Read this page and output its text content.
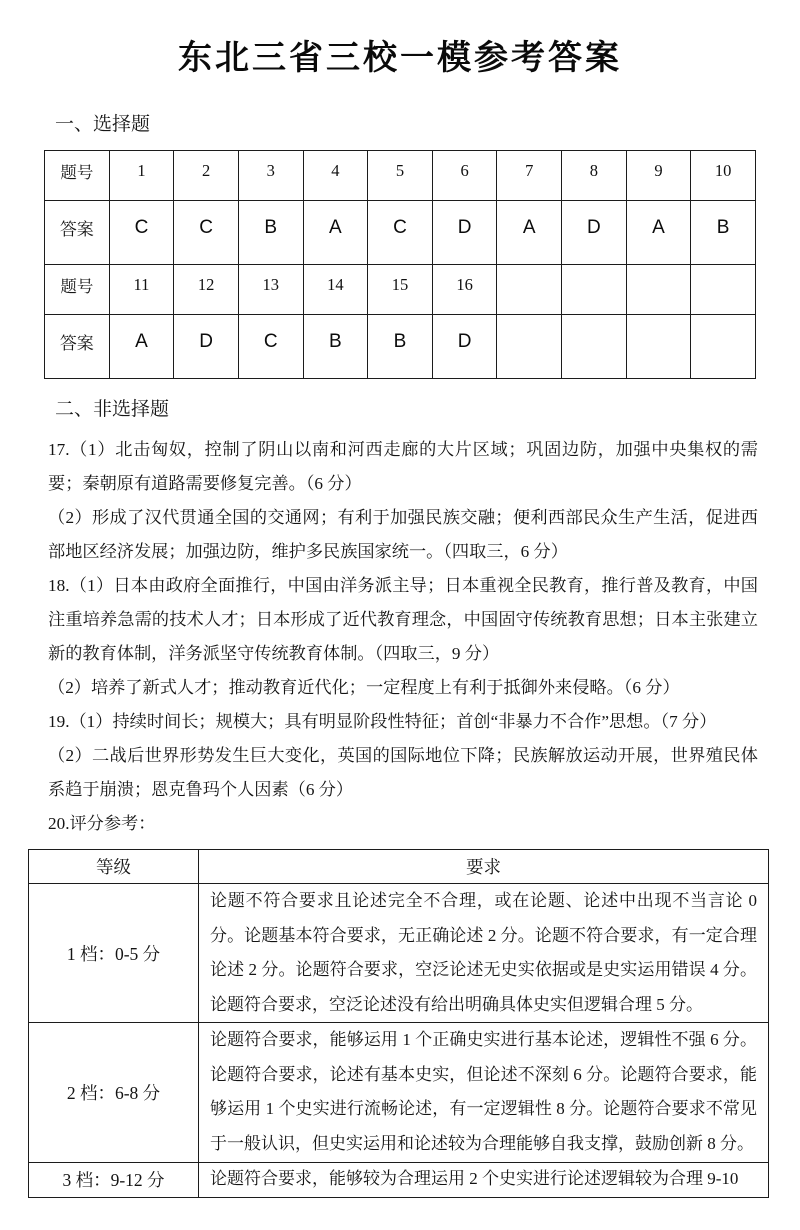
东北三省三校一模参考答案
一、选择题
题号	1	2	3	4	5	6	7	8	9	10
答案	C	C	B	A	C	D	A	D	A	B
题号	11	12	13	14	15	16				
答案	A	D	C	B	B	D				
二、非选择题

17.（1）北击匈奴，控制了阴山以南和河西走廊的大片区域；巩固边防，加强中央集权的需要；秦朝原有道路需要修复完善。（6 分）

（2）形成了汉代贯通全国的交通网；有利于加强民族交融；便利西部民众生产生活，促进西部地区经济发展；加强边防，维护多民族国家统一。（四取三，6 分）

18.（1）日本由政府全面推行，中国由洋务派主导；日本重视全民教育，推行普及教育，中国注重培养急需的技术人才；日本形成了近代教育理念，中国固守传统教育思想；日本主张建立新的教育体制，洋务派坚守传统教育体制。（四取三，9 分）

（2）培养了新式人才；推动教育近代化；一定程度上有利于抵御外来侵略。（6 分）

19.（1）持续时间长；规模大；具有明显阶段性特征；首创“非暴力不合作”思想。（7 分）

（2）二战后世界形势发生巨大变化，英国的国际地位下降；民族解放运动开展，世界殖民体系趋于崩溃；恩克鲁玛个人因素（6 分）

20.评分参考：

等级	要求
1 档：0-5 分	论题不符合要求且论述完全不合理，或在论题、论述中出现不当言论 0 分。论题基本符合要求，无正确论述 2 分。论题不符合要求，有一定合理论述 2 分。论题符合要求，空泛论述无史实依据或是史实运用错误 4 分。论题符合要求，空泛论述没有给出明确具体史实但逻辑合理 5 分。
2 档：6-8 分	论题符合要求，能够运用 1 个正确史实进行基本论述，逻辑性不强 6 分。论题符合要求，论述有基本史实，但论述不深刻 6 分。论题符合要求，能够运用 1 个史实进行流畅论述，有一定逻辑性 8 分。论题符合要求不常见于一般认识，但史实运用和论述较为合理能够自我支撑，鼓励创新 8 分。
3 档：9-12 分	论题符合要求，能够较为合理运用 2 个史实进行论述逻辑较为合理 9-10
